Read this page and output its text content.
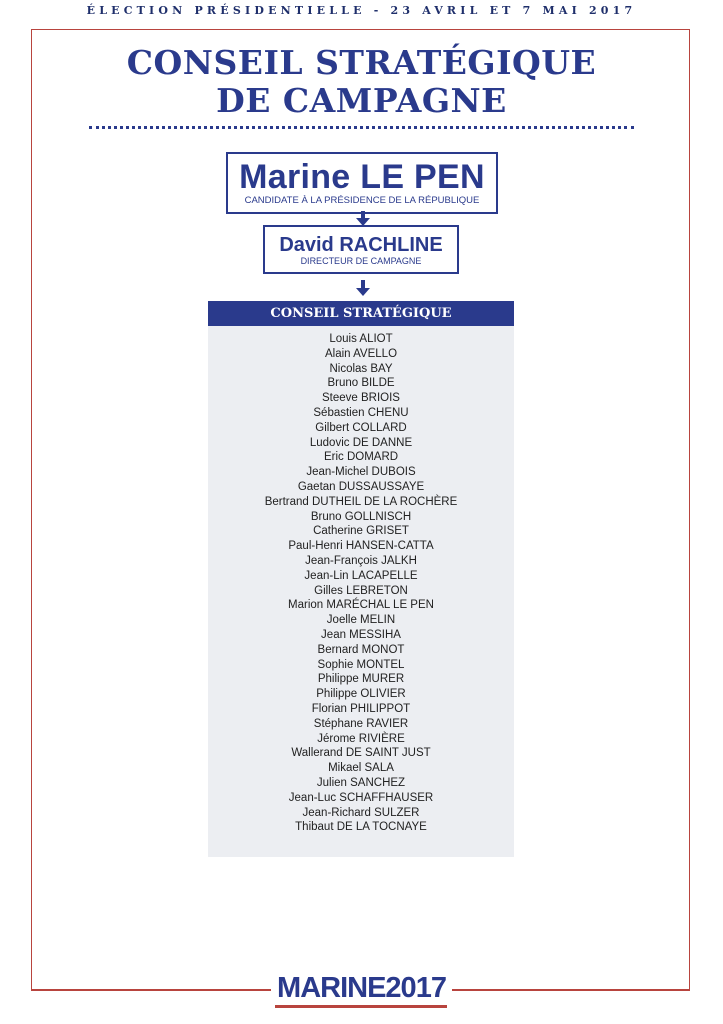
ÉLECTION PRÉSIDENTIELLE - 23 AVRIL ET 7 MAI 2017
CONSEIL STRATÉGIQUE
DE CAMPAGNE
Marine LE PEN
CANDIDATE À LA PRÉSIDENCE DE LA RÉPUBLIQUE
David RACHLINE
DIRECTEUR DE CAMPAGNE
CONSEIL STRATÉGIQUE
Louis ALIOT
Alain AVELLO
Nicolas BAY
Bruno BILDE
Steeve BRIOIS
Sébastien CHENU
Gilbert COLLARD
Ludovic DE DANNE
Eric DOMARD
Jean-Michel DUBOIS
Gaetan DUSSAUSSAYE
Bertrand DUTHEIL DE LA ROCHÈRE
Bruno GOLLNISCH
Catherine GRISET
Paul-Henri HANSEN-CATTA
Jean-François JALKH
Jean-Lin LACAPELLE
Gilles LEBRETON
Marion MARÉCHAL LE PEN
Joelle MELIN
Jean MESSIHA
Bernard MONOT
Sophie MONTEL
Philippe MURER
Philippe OLIVIER
Florian PHILIPPOT
Stéphane RAVIER
Jérome RIVIÈRE
Wallerand DE SAINT JUST
Mikael SALA
Julien SANCHEZ
Jean-Luc SCHAFFHAUSER
Jean-Richard SULZER
Thibaut DE LA TOCNAYE
MARINE2017
